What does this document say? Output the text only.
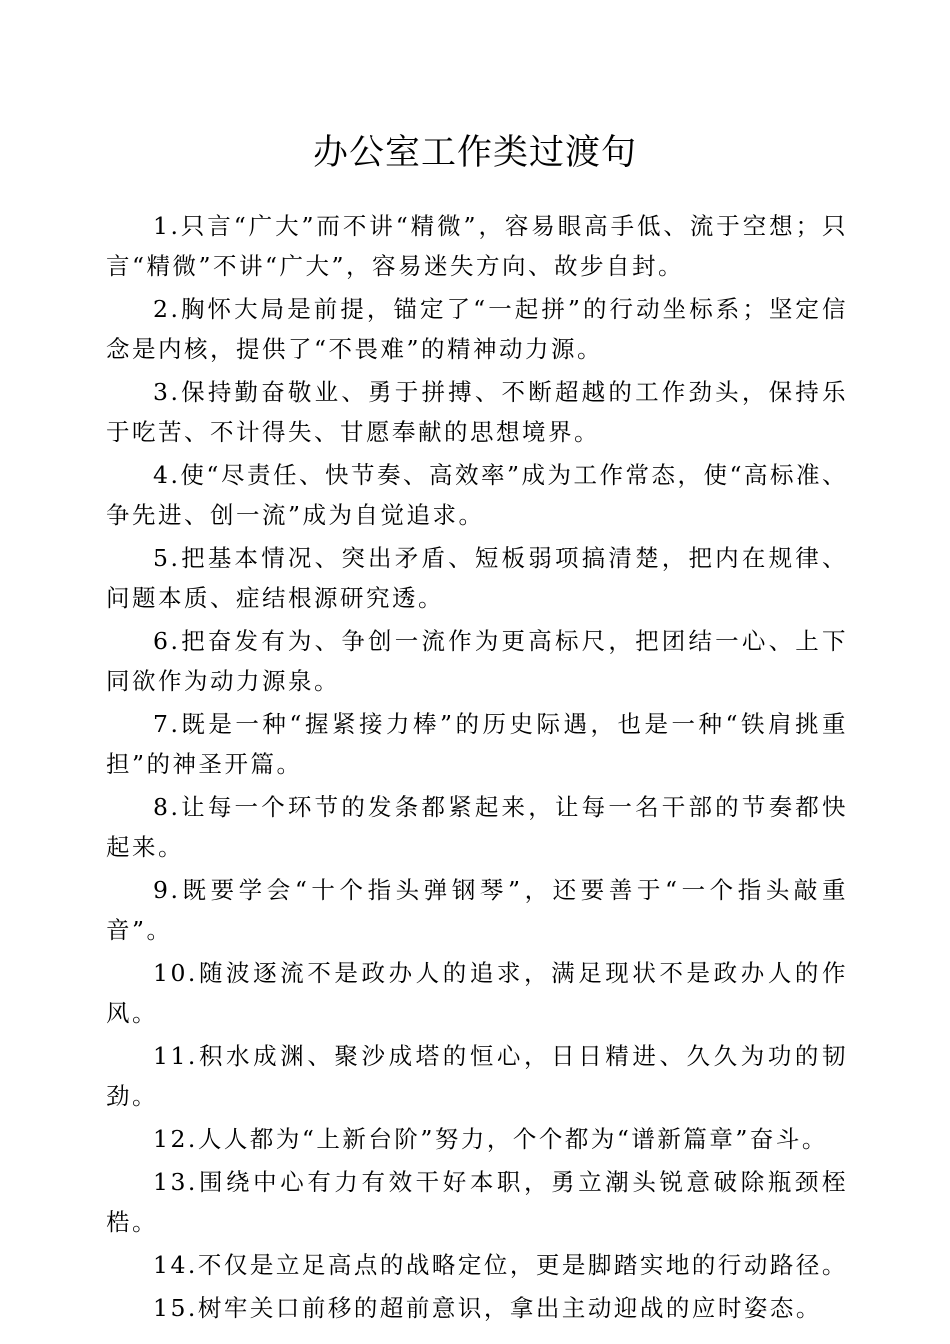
办公室工作类过渡句

1.只言“广大”而不讲“精微”，容易眼高手低、流于空想；只言“精微”不讲“广大”，容易迷失方向、故步自封。

2.胸怀大局是前提，锚定了“一起拼”的行动坐标系；坚定信念是内核，提供了“不畏难”的精神动力源。

3.保持勤奋敬业、勇于拼搏、不断超越的工作劲头，保持乐于吃苦、不计得失、甘愿奉献的思想境界。

4.使“尽责任、快节奏、高效率”成为工作常态，使“高标准、争先进、创一流”成为自觉追求。

5.把基本情况、突出矛盾、短板弱项搞清楚，把内在规律、问题本质、症结根源研究透。

6.把奋发有为、争创一流作为更高标尺，把团结一心、上下同欲作为动力源泉。

7.既是一种“握紧接力棒”的历史际遇，也是一种“铁肩挑重担”的神圣开篇。

8.让每一个环节的发条都紧起来，让每一名干部的节奏都快起来。

9.既要学会“十个指头弹钢琴”，还要善于“一个指头敲重音”。

10.随波逐流不是政办人的追求，满足现状不是政办人的作风。

11.积水成渊、聚沙成塔的恒心，日日精进、久久为功的韧劲。

12.人人都为“上新台阶”努力，个个都为“谱新篇章”奋斗。

13.围绕中心有力有效干好本职，勇立潮头锐意破除瓶颈桎梏。

14.不仅是立足高点的战略定位，更是脚踏实地的行动路径。

15.树牢关口前移的超前意识，拿出主动迎战的应时姿态。
